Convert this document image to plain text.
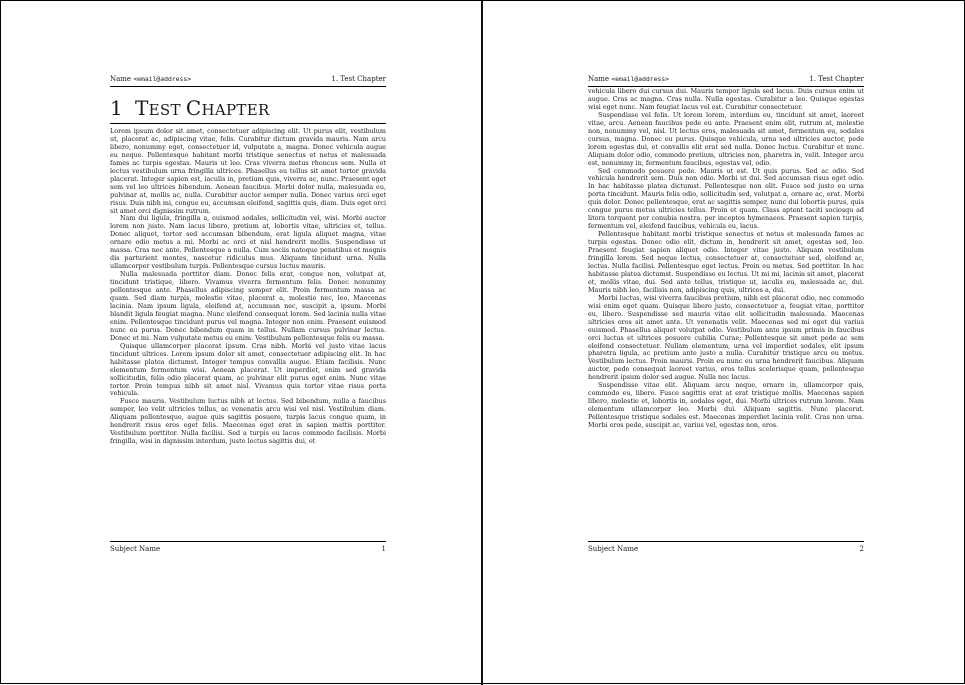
Name <email@address>	1. Test Chapter
1 TEST CHAPTER

Lorem ipsum dolor sit amet, consectetuer adipiscing elit. Ut purus elit, vestibulum ut, placerat ac, adipiscing vitae, felis. Curabitur dictum gravida mauris. Nam arcu libero, nonummy eget, consectetuer id, vulputate a, magna. Donec vehicula augue eu neque. Pellentesque habitant morbi tristique senectus et netus et malesuada fames ac turpis egestas. Mauris ut leo. Cras viverra metus rhoncus sem. Nulla et lectus vestibulum urna fringilla ultrices. Phasellus eu tellus sit amet tortor gravida placerat. Integer sapien est, iaculis in, pretium quis, viverra ac, nunc. Praesent eget sem vel leo ultrices bibendum. Aenean faucibus. Morbi dolor nulla, malesuada eu, pulvinar at, mollis ac, nulla. Curabitur auctor semper nulla. Donec varius orci eget risus. Duis nibh mi, congue eu, accumsan eleifend, sagittis quis, diam. Duis eget orci sit amet orci dignissim rutrum.

Nam dui ligula, fringilla a, euismod sodales, sollicitudin vel, wisi. Morbi auctor lorem non justo. Nam lacus libero, pretium at, lobortis vitae, ultricies et, tellus. Donec aliquet, tortor sed accumsan bibendum, erat ligula aliquet magna, vitae ornare odio metus a mi. Morbi ac orci et nisl hendrerit mollis. Suspendisse ut massa. Cras nec ante. Pellentesque a nulla. Cum sociis natoque penatibus et magnis dis parturient montes, nascetur ridiculus mus. Aliquam tincidunt urna. Nulla ullamcorper vestibulum turpis. Pellentesque cursus luctus mauris.

Nulla malesuada porttitor diam. Donec felis erat, congue non, volutpat at, tincidunt tristique, libero. Vivamus viverra fermentum felis. Donec nonummy pellentesque ante. Phasellus adipiscing semper elit. Proin fermentum massa ac quam. Sed diam turpis, molestie vitae, placerat a, molestie nec, leo. Maecenas lacinia. Nam ipsum ligula, eleifend at, accumsan nec, suscipit a, ipsum. Morbi blandit ligula feugiat magna. Nunc eleifend consequat lorem. Sed lacinia nulla vitae enim. Pellentesque tincidunt purus vel magna. Integer non enim. Praesent euismod nunc eu purus. Donec bibendum quam in tellus. Nullam cursus pulvinar lectus. Donec et mi. Nam vulputate metus eu enim. Vestibulum pellentesque felis eu massa.

Quisque ullamcorper placerat ipsum. Cras nibh. Morbi vel justo vitae lacus tincidunt ultrices. Lorem ipsum dolor sit amet, consectetuer adipiscing elit. In hac habitasse platea dictumst. Integer tempus convallis augue. Etiam facilisis. Nunc elementum fermentum wisi. Aenean placerat. Ut imperdiet, enim sed gravida sollicitudin, felis odio placerat quam, ac pulvinar elit purus eget enim. Nunc vitae tortor. Proin tempus nibh sit amet nisl. Vivamus quis tortor vitae risus porta vehicula.

Fusce mauris. Vestibulum luctus nibh at lectus. Sed bibendum, nulla a faucibus semper, leo velit ultricies tellus, ac venenatis arcu wisi vel nisl. Vestibulum diam. Aliquam pellentesque, augue quis sagittis posuere, turpis lacus congue quam, in hendrerit risus eros eget felis. Maecenas eget erat in sapien mattis porttitor. Vestibulum porttitor. Nulla facilisi. Sed a turpis eu lacus commodo facilisis. Morbi fringilla, wisi in dignissim interdum, justo lectus sagittis dui, et

Subject Name	1
Name <email@address>	1. Test Chapter

vehicula libero dui cursus dui. Mauris tempor ligula sed lacus. Duis cursus enim ut augue. Cras ac magna. Cras nulla. Nulla egestas. Curabitur a leo. Quisque egestas wisi eget nunc. Nam feugiat lacus vel est. Curabitur consectetuer.

Suspendisse vel felis. Ut lorem lorem, interdum eu, tincidunt sit amet, laoreet vitae, arcu. Aenean faucibus pede eu ante. Praesent enim elit, rutrum at, molestie non, nonummy vel, nisl. Ut lectus eros, malesuada sit amet, fermentum eu, sodales cursus, magna. Donec eu purus. Quisque vehicula, urna sed ultricies auctor, pede lorem egestas dui, et convallis elit erat sed nulla. Donec luctus. Curabitur et nunc. Aliquam dolor odio, commodo pretium, ultricies non, pharetra in, velit. Integer arcu est, nonummy in, fermentum faucibus, egestas vel, odio.

Sed commodo posuere pede. Mauris ut est. Ut quis purus. Sed ac odio. Sed vehicula hendrerit sem. Duis non odio. Morbi ut dui. Sed accumsan risus eget odio. In hac habitasse platea dictumst. Pellentesque non elit. Fusce sed justo eu urna porta tincidunt. Mauris felis odio, sollicitudin sed, volutpat a, ornare ac, erat. Morbi quis dolor. Donec pellentesque, erat ac sagittis semper, nunc dui lobortis purus, quis congue purus metus ultricies tellus. Proin et quam. Class aptent taciti sociosqu ad litora torquent per conubia nostra, per inceptos hymenaeos. Praesent sapien turpis, fermentum vel, eleifend faucibus, vehicula eu, lacus.

Pellentesque habitant morbi tristique senectus et netus et malesuada fames ac turpis egestas. Donec odio elit, dictum in, hendrerit sit amet, egestas sed, leo. Praesent feugiat sapien aliquet odio. Integer vitae justo. Aliquam vestibulum fringilla lorem. Sed neque lectus, consectetuer at, consectetuer sed, eleifend ac, lectus. Nulla facilisi. Pellentesque eget lectus. Proin eu metus. Sed porttitor. In hac habitasse platea dictumst. Suspendisse eu lectus. Ut mi mi, lacinia sit amet, placerat et, mollis vitae, dui. Sed ante tellus, tristique ut, iaculis eu, malesuada ac, dui. Mauris nibh leo, facilisis non, adipiscing quis, ultrices a, dui.

Morbi luctus, wisi viverra faucibus pretium, nibh est placerat odio, nec commodo wisi enim eget quam. Quisque libero justo, consectetuer a, feugiat vitae, porttitor eu, libero. Suspendisse sed mauris vitae elit sollicitudin malesuada. Maecenas ultricies eros sit amet ante. Ut venenatis velit. Maecenas sed mi eget dui varius euismod. Phasellus aliquet volutpat odio. Vestibulum ante ipsum primis in faucibus orci luctus et ultrices posuere cubilia Curae; Pellentesque sit amet pede ac sem eleifend consectetuer. Nullam elementum, urna vel imperdiet sodales, elit ipsum pharetra ligula, ac pretium ante justo a nulla. Curabitur tristique arcu eu metus. Vestibulum lectus. Proin mauris. Proin eu nunc eu urna hendrerit faucibus. Aliquam auctor, pede consequat laoreet varius, eros tellus scelerisque quam, pellentesque hendrerit ipsum dolor sed augue. Nulla nec lacus.

Suspendisse vitae elit. Aliquam arcu neque, ornare in, ullamcorper quis, commodo eu, libero. Fusce sagittis erat at erat tristique mollis. Maecenas sapien libero, molestie et, lobortis in, sodales eget, dui. Morbi ultrices rutrum lorem. Nam elementum ullamcorper leo. Morbi dui. Aliquam sagittis. Nunc placerat. Pellentesque tristique sodales est. Maecenas imperdiet lacinia velit. Cras non urna. Morbi eros pede, suscipit ac, varius vel, egestas non, eros.

Subject Name	2
